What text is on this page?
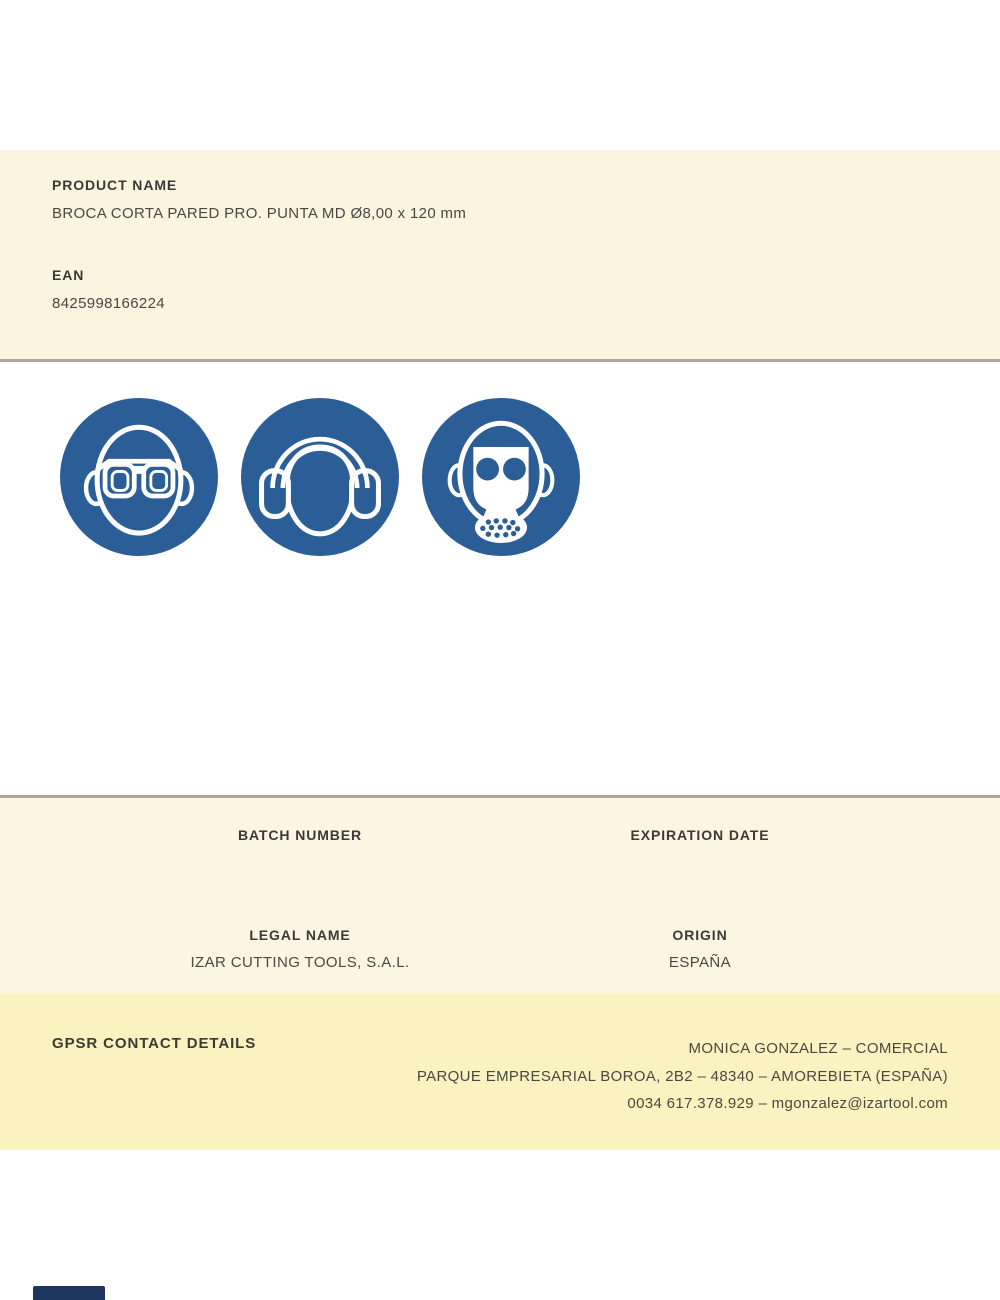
PRODUCT NAME
BROCA CORTA PARED PRO. PUNTA MD Ø8,00 x 120 mm
EAN
8425998166224
BATCH NUMBER	EXPIRATION DATE
LEGAL NAME
IZAR CUTTING TOOLS, S.A.L.
ORIGIN
ESPAÑA
GPSR CONTACT DETAILS	MONICA GONZALEZ – COMERCIAL
PARQUE EMPRESARIAL BOROA, 2B2 – 48340 – AMOREBIETA (ESPAÑA)
0034 617.378.929 – mgonzalez@izartool.com
